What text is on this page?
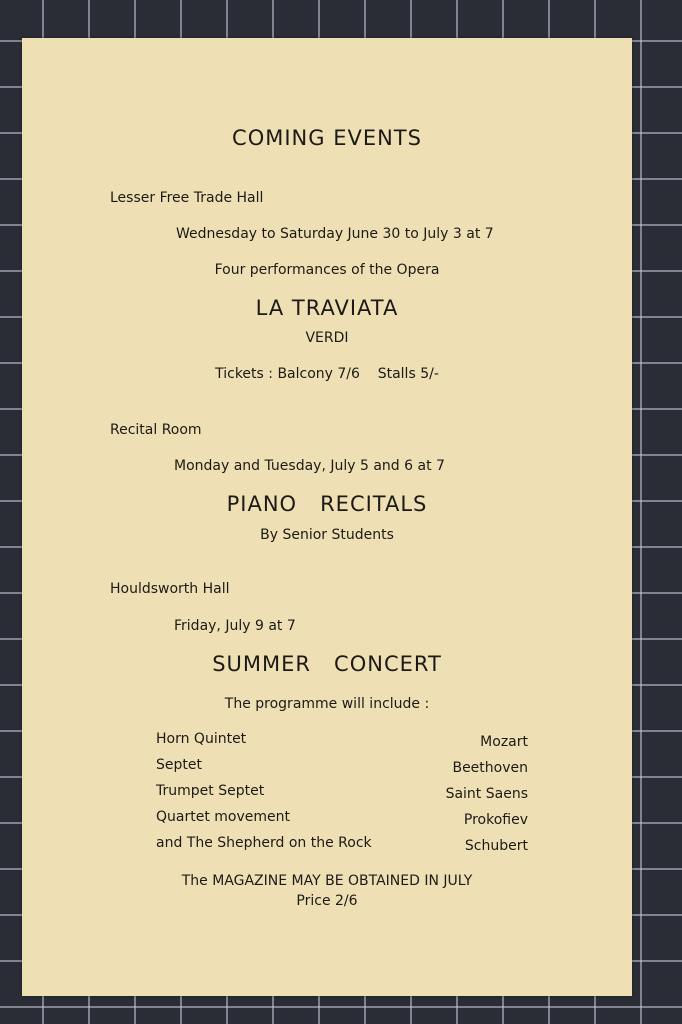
COMING EVENTS
Lesser Free Trade Hall
Wednesday to Saturday June 30 to July 3 at 7
Four performances of the Opera
LA TRAVIATA
VERDI
Tickets : Balcony 7/6    Stalls 5/-
Recital Room
Monday and Tuesday, July 5 and 6 at 7
PIANO   RECITALS
By Senior Students
Houldsworth Hall
Friday, July 9 at 7
SUMMER   CONCERT
The programme will include :
Horn Quintet	Mozart
Septet	Beethoven
Trumpet Septet	Saint Saens
Quartet movement	Prokofiev
and The Shepherd on the Rock	Schubert
The MAGAZINE MAY BE OBTAINED IN JULY
Price 2/6
